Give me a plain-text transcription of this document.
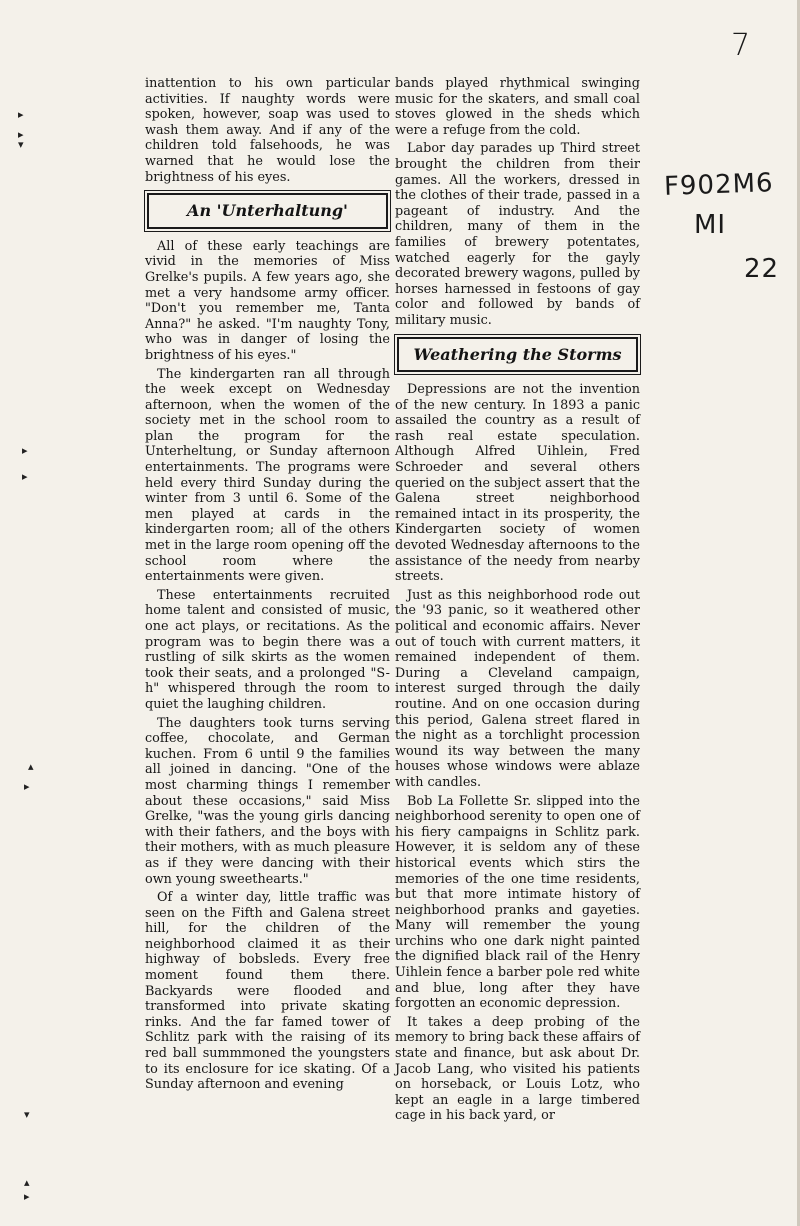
7
F902M6
MI
22
▸
▸
▾
▸
▸
▴
▸
▾
▴
▸

inattention to his own particular activities. If naughty words were spoken, however, soap was used to wash them away. And if any of the children told falsehoods, he was warned that he would lose the brightness of his eyes.

An 'Unterhaltung'

All of these early teachings are vivid in the memories of Miss Grelke's pupils. A few years ago, she met a very handsome army officer. "Don't you remember me, Tanta Anna?" he asked. "I'm naughty Tony, who was in danger of losing the brightness of his eyes."

The kindergarten ran all through the week except on Wednesday afternoon, when the women of the society met in the school room to plan the program for the Unterheltung, or Sunday afternoon entertainments. The programs were held every third Sunday during the winter from 3 until 6. Some of the men played at cards in the kindergarten room; all of the others met in the large room opening off the school room where the entertainments were given.

These entertainments recruited home talent and consisted of music, one act plays, or recitations. As the program was to begin there was a rustling of silk skirts as the women took their seats, and a prolonged "S-h" whispered through the room to quiet the laughing children.

The daughters took turns serving coffee, chocolate, and German kuchen. From 6 until 9 the families all joined in dancing. "One of the most charming things I remember about these occasions," said Miss Grelke, "was the young girls dancing with their fathers, and the boys with their mothers, with as much pleasure as if they were dancing with their own young sweethearts."

Of a winter day, little traffic was seen on the Fifth and Galena street hill, for the children of the neighborhood claimed it as their highway of bobsleds. Every free moment found them there. Backyards were flooded and transformed into private skating rinks. And the far famed tower of Schlitz park with the raising of its red ball summmoned the youngsters to its enclosure for ice skating. Of a Sunday afternoon and evening

bands played rhythmical swinging music for the skaters, and small coal stoves glowed in the sheds which were a refuge from the cold.

Labor day parades up Third street brought the children from their games. All the workers, dressed in the clothes of their trade, passed in a pageant of industry. And the children, many of them in the families of brewery potentates, watched eagerly for the gayly decorated brewery wagons, pulled by horses harnessed in festoons of gay color and followed by bands of military music.

Weathering the Storms

Depressions are not the invention of the new century. In 1893 a panic assailed the country as a result of rash real estate speculation. Although Alfred Uihlein, Fred Schroeder and several others queried on the subject assert that the Galena street neighborhood remained intact in its prosperity, the Kindergarten society of women devoted Wednesday afternoons to the assistance of the needy from nearby streets.

Just as this neighborhood rode out the '93 panic, so it weathered other political and economic affairs. Never out of touch with current matters, it remained independent of them. During a Cleveland campaign, interest surged through the daily routine. And on one occasion during this period, Galena street flared in the night as a torchlight procession wound its way between the many houses whose windows were ablaze with candles.

Bob La Follette Sr. slipped into the neighborhood serenity to open one of his fiery campaigns in Schlitz park. However, it is seldom any of these historical events which stirs the memories of the one time residents, but that more intimate history of neighborhood pranks and gayeties. Many will remember the young urchins who one dark night painted the dignified black rail of the Henry Uihlein fence a barber pole red white and blue, long after they have forgotten an economic depression.

It takes a deep probing of the memory to bring back these affairs of state and finance, but ask about Dr. Jacob Lang, who visited his patients on horseback, or Louis Lotz, who kept an eagle in a large timbered cage in his back yard, or
